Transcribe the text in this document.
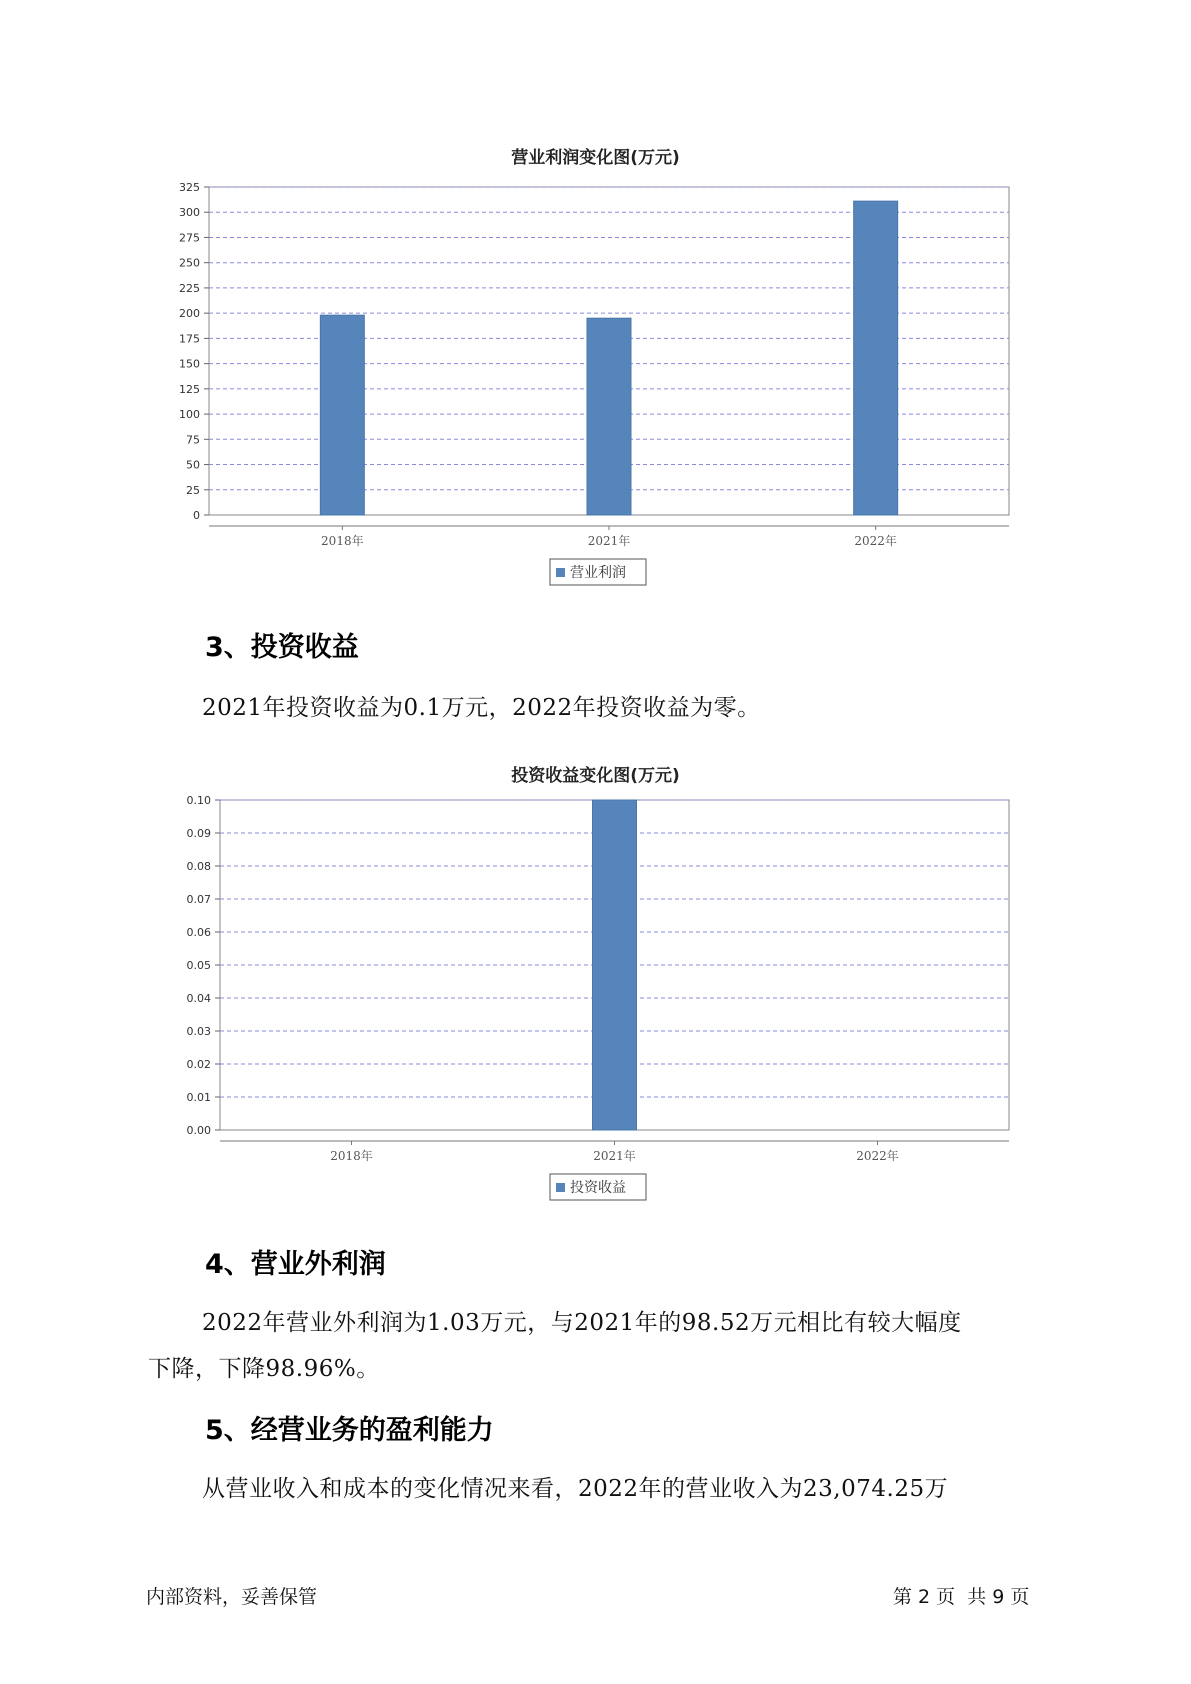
营业利润变化图(万元)
0
25
50
75
100
125
150
175
200
225
250
275
300
325
2018年	2021年	2022年
营业利润
3、投资收益
2021年投资收益为0.1万元，2022年投资收益为零。
投资收益变化图(万元)
0.00
0.01
0.02
0.03
0.04
0.05
0.06
0.07
0.08
0.09
0.10
2018年	2021年	2022年
投资收益
4、营业外利润
2022年营业外利润为1.03万元，与2021年的98.52万元相比有较大幅度
下降，下降98.96%。
5、经营业务的盈利能力
从营业收入和成本的变化情况来看，2022年的营业收入为23,074.25万
内部资料，妥善保管	第 2 页  共 9 页
